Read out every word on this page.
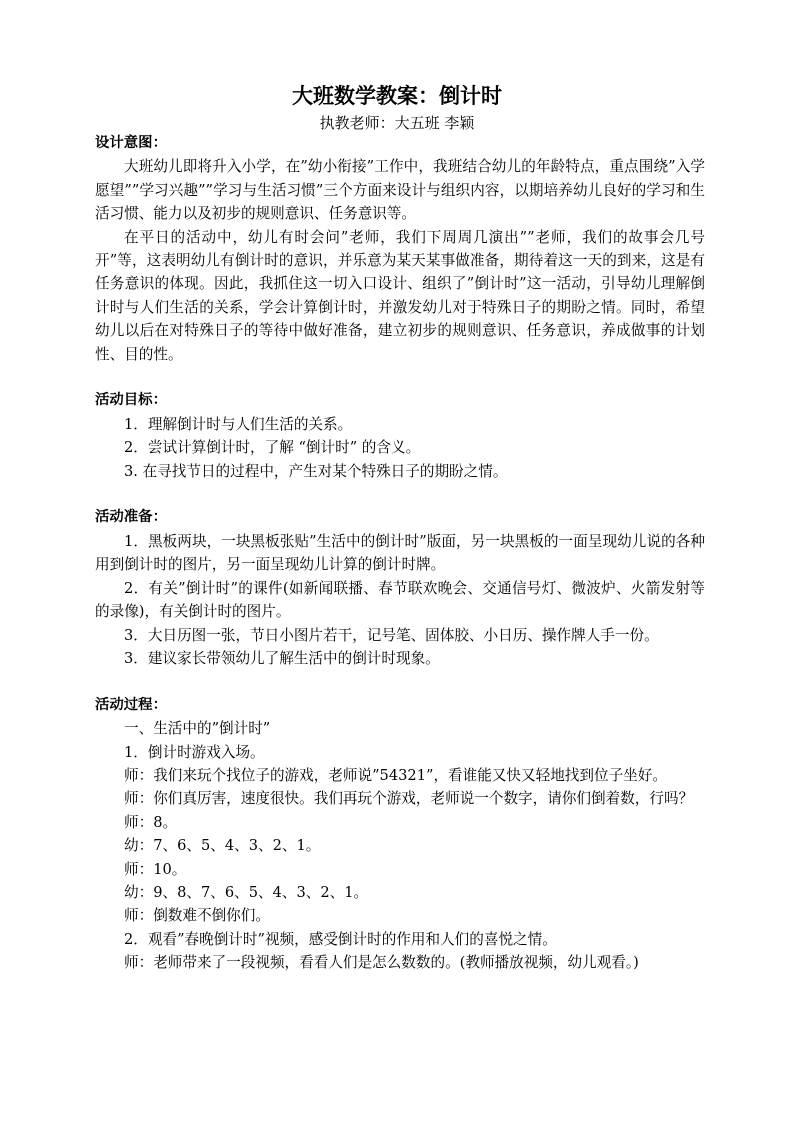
大班数学教案：倒计时
执教老师：大五班 李颖

设计意图：

大班幼儿即将升入小学，在”幼小衔接”工作中，我班结合幼儿的年龄特点，重点围绕”入学愿望””学习兴趣””学习与生活习惯”三个方面来设计与组织内容，以期培养幼儿良好的学习和生活习惯、能力以及初步的规则意识、任务意识等。

在平日的活动中，幼儿有时会问”老师，我们下周周几演出””老师，我们的故事会几号开”等，这表明幼儿有倒计时的意识，并乐意为某天某事做准备，期待着这一天的到来，这是有任务意识的体现。因此，我抓住这一切入口设计、组织了”倒计时”这一活动，引导幼儿理解倒计时与人们生活的关系，学会计算倒计时，并激发幼儿对于特殊日子的期盼之情。同时，希望幼儿以后在对特殊日子的等待中做好准备，建立初步的规则意识、任务意识，养成做事的计划性、目的性。

活动目标：

1．理解倒计时与人们生活的关系。

2．尝试计算倒计时，了解 “倒计时” 的含义。

3. 在寻找节日的过程中，产生对某个特殊日子的期盼之情。

活动准备：

1．黑板两块，一块黑板张贴”生活中的倒计时”版面，另一块黑板的一面呈现幼儿说的各种用到倒计时的图片，另一面呈现幼儿计算的倒计时牌。

2．有关”倒计时”的课件(如新闻联播、春节联欢晚会、交通信号灯、微波炉、火箭发射等的录像)，有关倒计时的图片。

3．大日历图一张，节日小图片若干，记号笔、固体胶、小日历、操作牌人手一份。

3．建议家长带领幼儿了解生活中的倒计时现象。

活动过程：

一、生活中的”倒计时”

1．倒计时游戏入场。

师：我们来玩个找位子的游戏，老师说”54321”，看谁能又快又轻地找到位子坐好。

师：你们真厉害，速度很快。我们再玩个游戏，老师说一个数字，请你们倒着数，行吗？

师：8。

幼：7、6、5、4、3、2、1。

师：10。

幼：9、8、7、6、5、4、3、2、1。

师：倒数难不倒你们。

2．观看”春晚倒计时”视频，感受倒计时的作用和人们的喜悦之情。

师：老师带来了一段视频，看看人们是怎么数数的。(教师播放视频，幼儿观看。)
